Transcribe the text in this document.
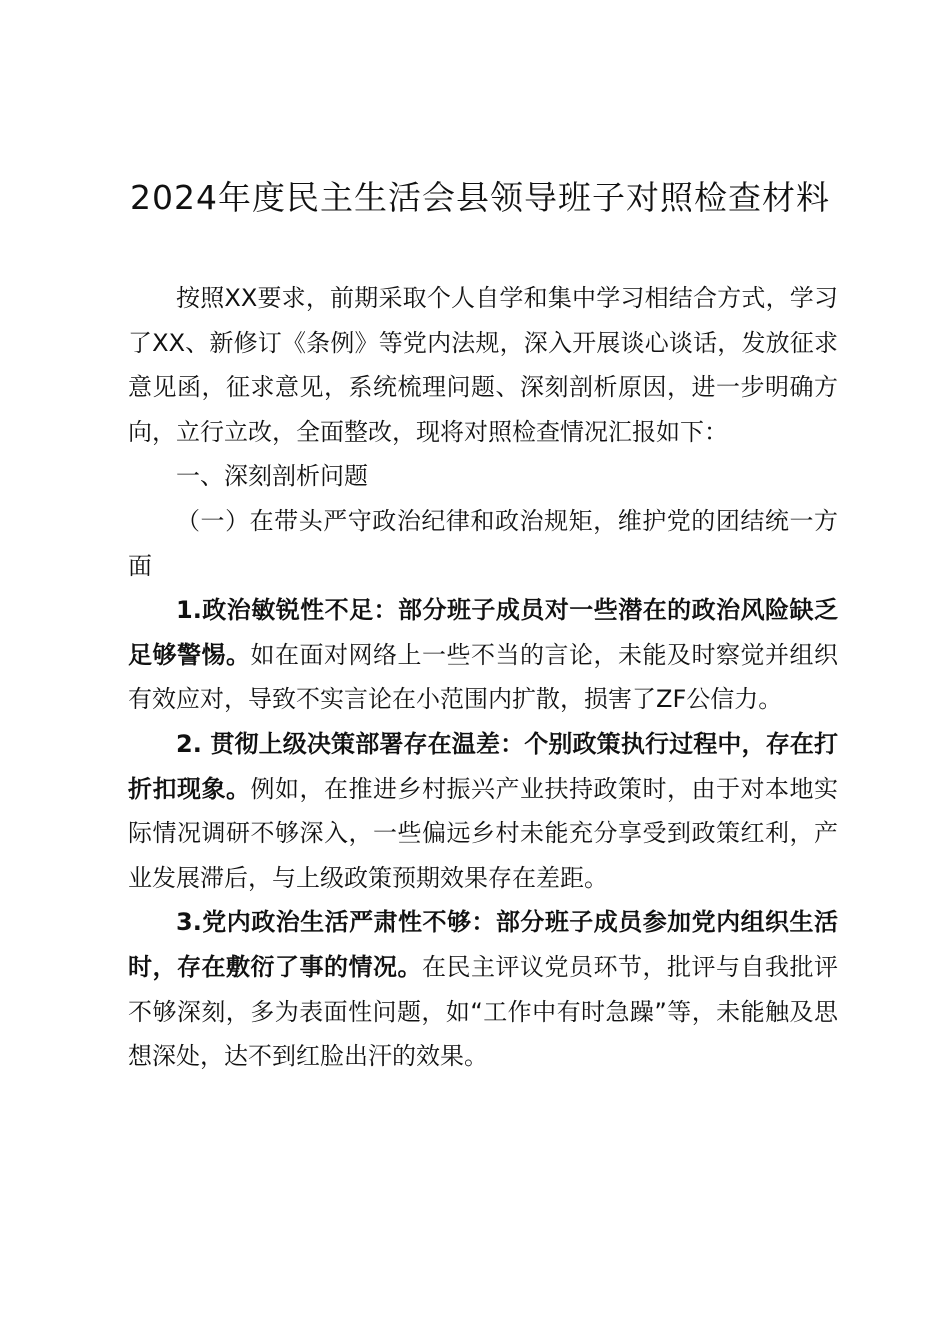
2024年度民主生活会县领导班子对照检查材料

按照XX要求，前期采取个人自学和集中学习相结合方式，学习了XX、新修订《条例》等党内法规，深入开展谈心谈话，发放征求意见函，征求意见，系统梳理问题、深刻剖析原因，进一步明确方向，立行立改，全面整改，现将对照检查情况汇报如下：

一、深刻剖析问题

（一）在带头严守政治纪律和政治规矩，维护党的团结统一方面

1.政治敏锐性不足：部分班子成员对一些潜在的政治风险缺乏足够警惕。如在面对网络上一些不当的言论，未能及时察觉并组织有效应对，导致不实言论在小范围内扩散，损害了ZF公信力。

2. 贯彻上级决策部署存在温差：个别政策执行过程中，存在打折扣现象。例如，在推进乡村振兴产业扶持政策时，由于对本地实际情况调研不够深入，一些偏远乡村未能充分享受到政策红利，产业发展滞后，与上级政策预期效果存在差距。

3.党内政治生活严肃性不够：部分班子成员参加党内组织生活时，存在敷衍了事的情况。在民主评议党员环节，批评与自我批评不够深刻，多为表面性问题，如“工作中有时急躁”等，未能触及思想深处，达不到红脸出汗的效果。
